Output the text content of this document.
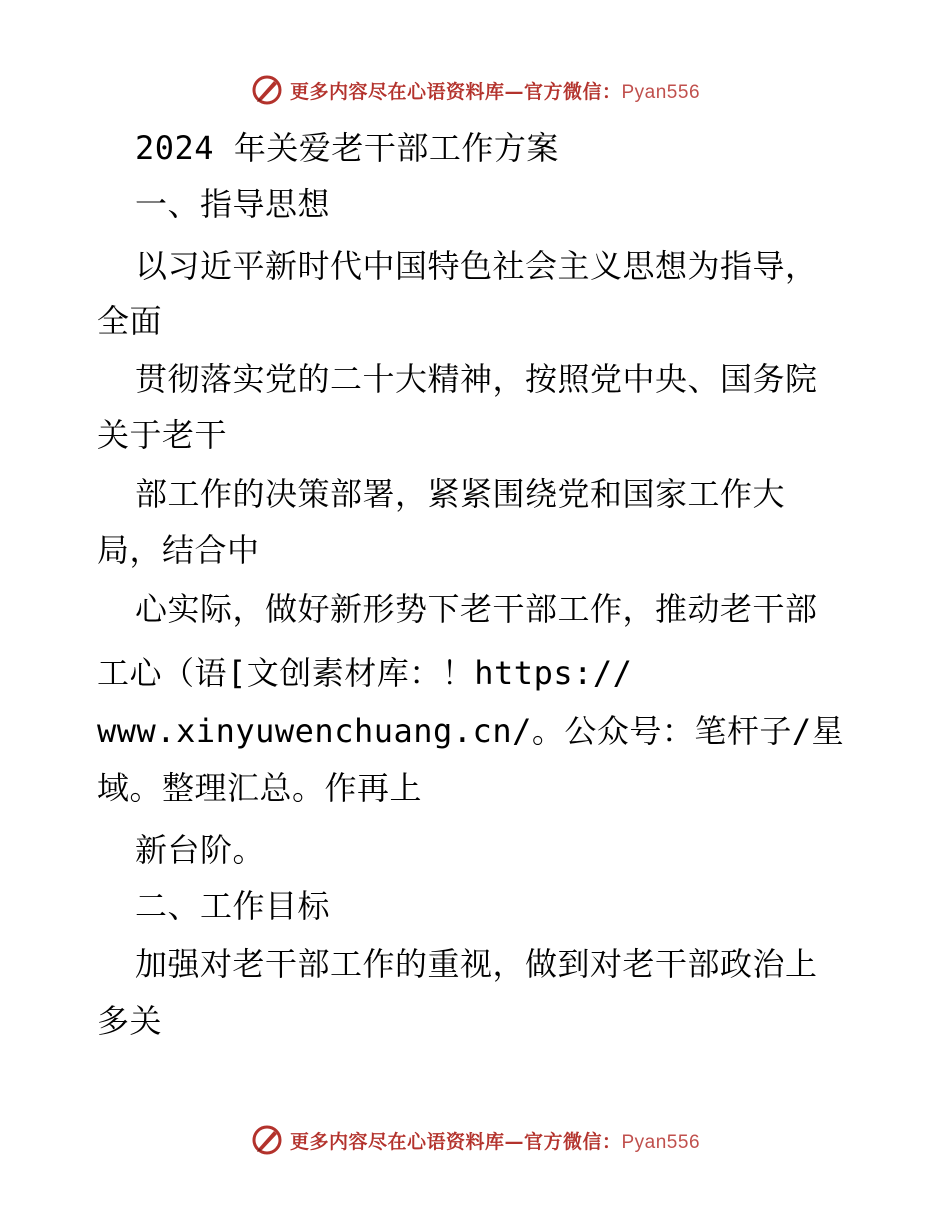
更多内容尽在心语资料库—官方微信：Pyan556
2024 年关爱老干部工作方案
一、指导思想
以习近平新时代中国特色社会主义思想为指导，
全面
贯彻落实党的二十大精神，按照党中央、国务院
关于老干
部工作的决策部署，紧紧围绕党和国家工作大
局，结合中
心实际，做好新形势下老干部工作，推动老干部
工心（语[文创素材库：！https://
www.xinyuwenchuang.cn/。公众号：笔杆子/星
域。整理汇总。作再上
新台阶。
二、工作目标
加强对老干部工作的重视，做到对老干部政治上
多关
更多内容尽在心语资料库—官方微信：Pyan556
